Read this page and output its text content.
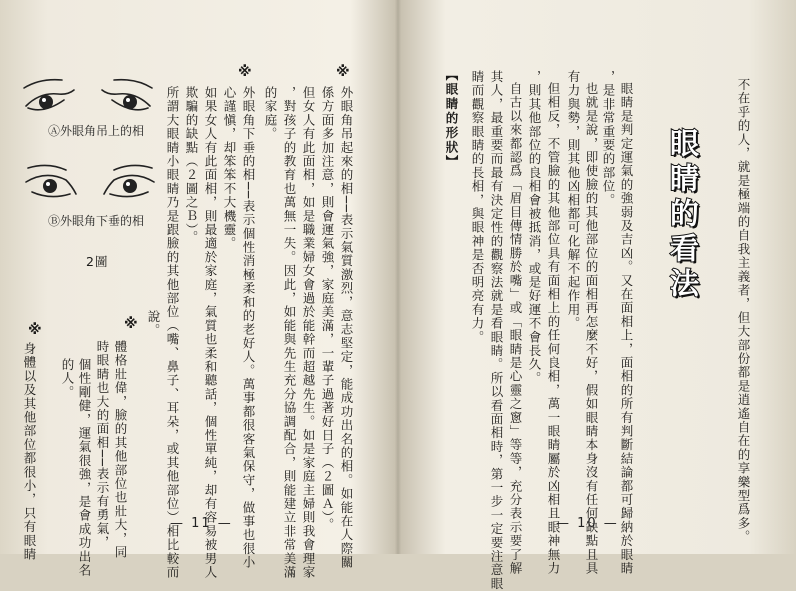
不在乎的人，就是極端的自我主義者，但大部份都是逍遙自在的享樂型爲多。
眼睛的看法
眼睛是判定運氣的強弱及吉凶。又在面相上，面相的所有判斷結論都可歸納於眼睛
，是非常重要的部位。
也就是說，即使臉的其他部位的面相再怎麼不好，假如眼睛本身沒有任何缺點且具
有力與勢，則其他凶相都可化解不起作用。
但相反，不管臉的其他部位具有面相上的任何良相，萬一眼睛屬於凶相且眼神無力
，則其他部位的良相會被抵消，或是好運不會長久。
自古以來都認爲「眉目傳情勝於嘴」或「眼睛是心靈之窻」等等，充分表示要了解
其人，最重要而最有決定性的觀察法就是看眼睛。所以看面相時，第一步一定要注意眼
睛而觀察眼睛的長相，與眼神是否明亮有力。
【眼睛的形狀】
— 10 —
※
外眼角吊起來的相──表示氣質激烈，意志堅定，能成功出名的相。如能在人際關
係方面多加注意，則會運氣強，家庭美滿，一輩子過著好日子（２圖Ａ）。
但女人有此面相，如是職業婦女會過於能幹而超越先生。如是家庭主婦則我會理家
，對孩子的教育也萬無一失。因此，如能與先生充分協調配合，則能建立非常美滿
的家庭。
※
外眼角下垂的相──表示個性消極柔和的老好人。萬事都很客氣保守，做事也很小
心謹愼，却笨笨不大機靈。
如果女人有此面相，則最適於家庭，氣質也柔和聽話，個性單純，却有容易被男人
欺騙的缺點（２圖之Ｂ）。
所謂大眼睛小眼睛乃是跟臉的其他部位（嘴、鼻子、耳朵，或其他部位）相比較而
說。
※
體格壯偉，臉的其他部位也壯大，同
時眼睛也大的面相──表示有勇氣，
個性剛健，運氣很強，是會成功出名
的人。
※
身體以及其他部位都很小，只有眼睛
Ⓐ外眼角吊上的相
Ⓑ外眼角下垂的相
2圖
— 11 —
